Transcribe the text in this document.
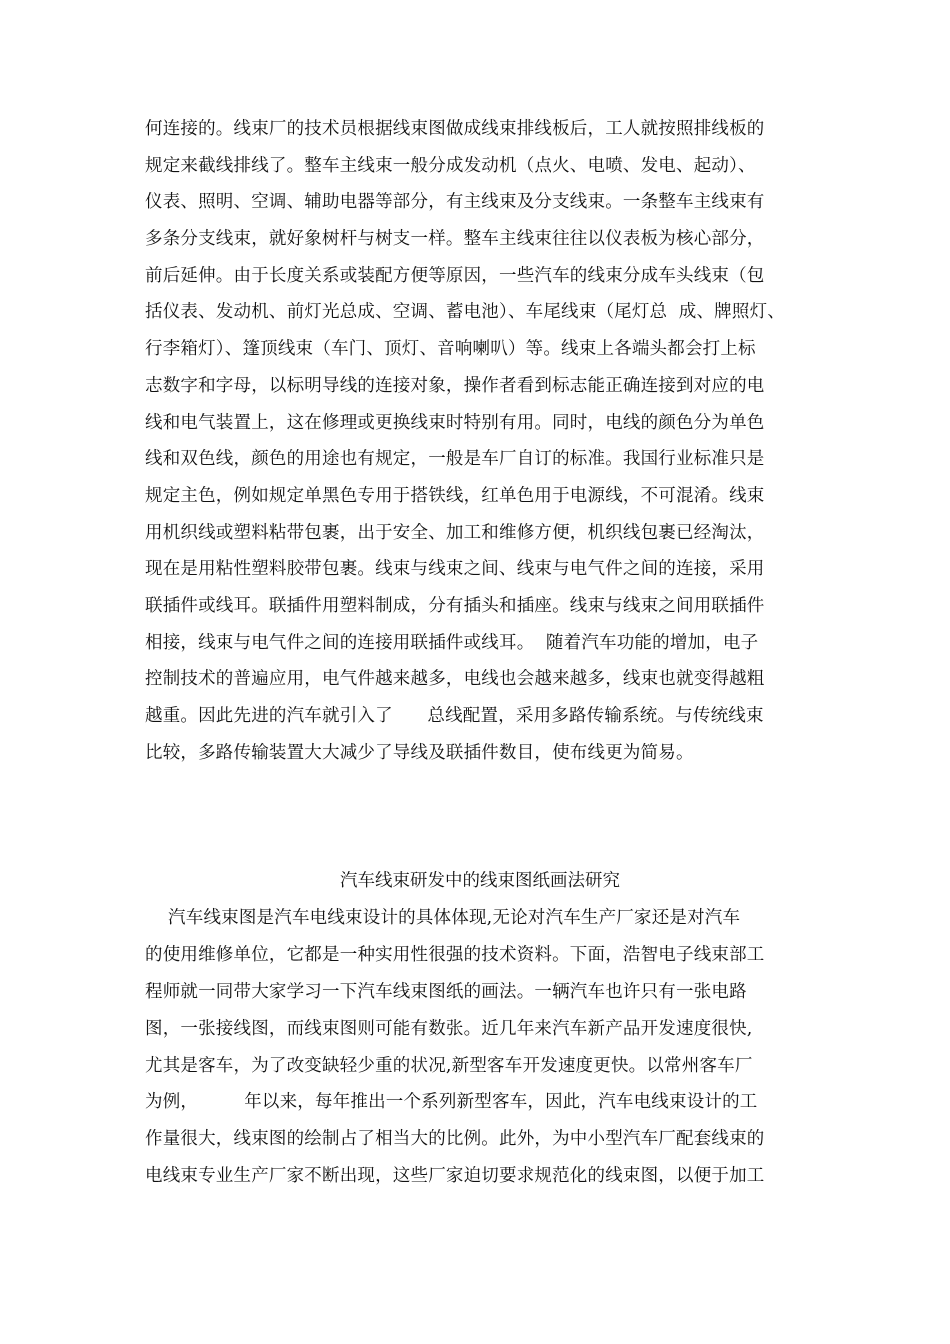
何连接的。线束厂的技术员根据线束图做成线束排线板后，工人就按照排线板的
规定来截线排线了。整车主线束一般分成发动机（点火、电喷、发电、起动）、
仪表、照明、空调、辅助电器等部分，有主线束及分支线束。一条整车主线束有
多条分支线束，就好象树杆与树支一样。整车主线束往往以仪表板为核心部分，
前后延伸。由于长度关系或装配方便等原因，一些汽车的线束分成车头线束（包
括仪表、发动机、前灯光总成、空调、蓄电池）、车尾线束（尾灯总  成、牌照灯、
行李箱灯）、篷顶线束（车门、顶灯、音响喇叭）等。线束上各端头都会打上标
志数字和字母，以标明导线的连接对象，操作者看到标志能正确连接到对应的电
线和电气装置上，这在修理或更换线束时特别有用。同时，电线的颜色分为单色
线和双色线，颜色的用途也有规定，一般是车厂自订的标准。我国行业标准只是
规定主色，例如规定单黑色专用于搭铁线，红单色用于电源线，不可混淆。线束
用机织线或塑料粘带包裹，出于安全、加工和维修方便，机织线包裹已经淘汰，
现在是用粘性塑料胶带包裹。线束与线束之间、线束与电气件之间的连接，采用
联插件或线耳。联插件用塑料制成，分有插头和插座。线束与线束之间用联插件
相接，线束与电气件之间的连接用联插件或线耳。  随着汽车功能的增加，电子
控制技术的普遍应用，电气件越来越多，电线也会越来越多，线束也就变得越粗
越重。因此先进的汽车就引入了      总线配置，采用多路传输系统。与传统线束
比较，多路传输装置大大减少了导线及联插件数目，使布线更为简易。
汽车线束研发中的线束图纸画法研究
汽车线束图是汽车电线束设计的具体体现,无论对汽车生产厂家还是对汽车
的使用维修单位，它都是一种实用性很强的技术资料。下面，浩智电子线束部工
程师就一同带大家学习一下汽车线束图纸的画法。一辆汽车也许只有一张电路
图，一张接线图，而线束图则可能有数张。近几年来汽车新产品开发速度很快,
尤其是客车，为了改变缺轻少重的状况,新型客车开发速度更快。以常州客车厂
为例，        年以来，每年推出一个系列新型客车，因此，汽车电线束设计的工
作量很大，线束图的绘制占了相当大的比例。此外，为中小型汽车厂配套线束的
电线束专业生产厂家不断出现，这些厂家迫切要求规范化的线束图，以便于加工
